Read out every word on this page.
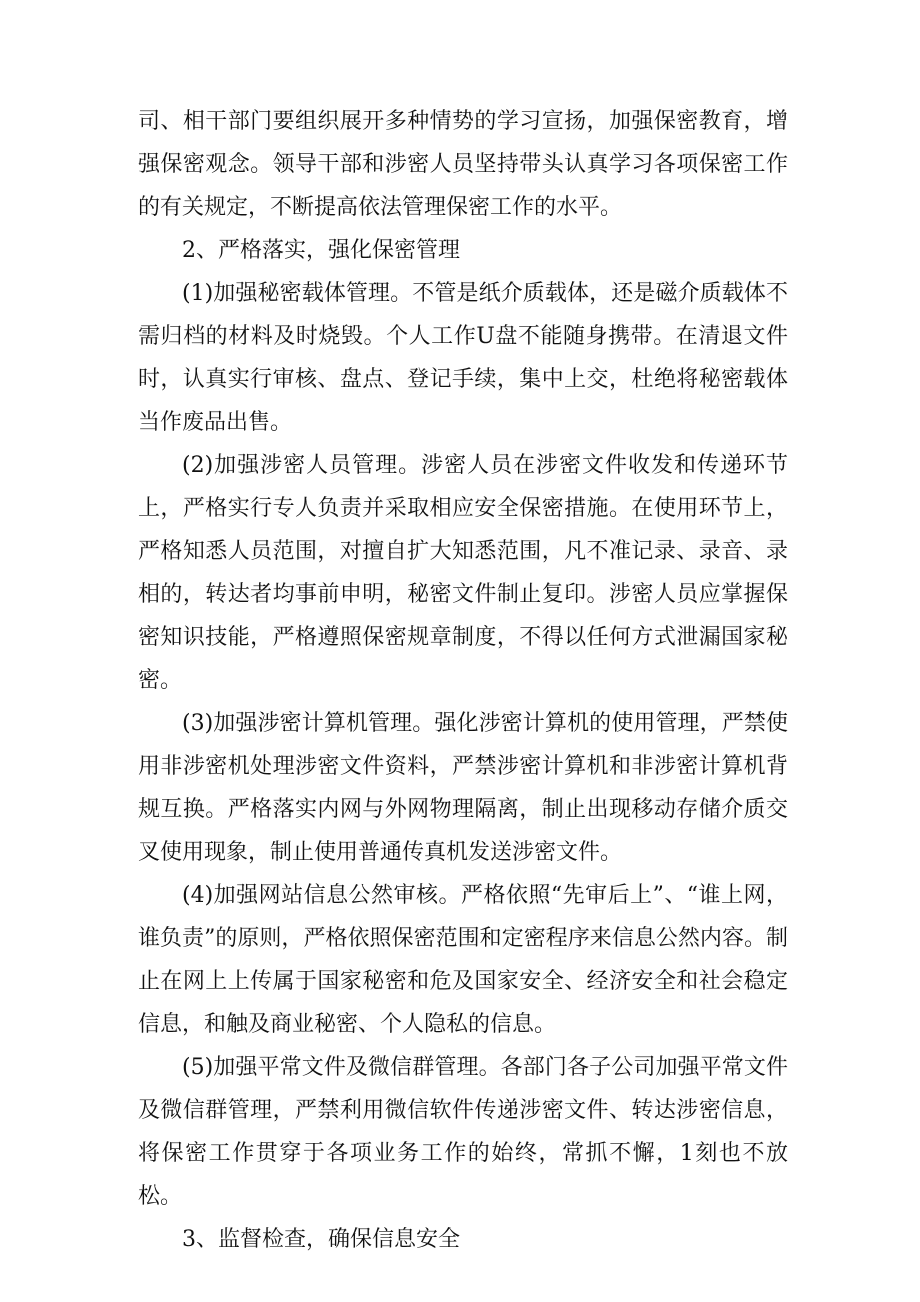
司、相干部门要组织展开多种情势的学习宣扬，加强保密教育，增强保密观念。领导干部和涉密人员坚持带头认真学习各项保密工作的有关规定，不断提高依法管理保密工作的水平。

2、严格落实，强化保密管理

(1)加强秘密载体管理。不管是纸介质载体，还是磁介质载体不需归档的材料及时烧毁。个人工作U盘不能随身携带。在清退文件时，认真实行审核、盘点、登记手续，集中上交，杜绝将秘密载体当作废品出售。

(2)加强涉密人员管理。涉密人员在涉密文件收发和传递环节上，严格实行专人负责并采取相应安全保密措施。在使用环节上，严格知悉人员范围，对擅自扩大知悉范围，凡不准记录、录音、录相的，转达者均事前申明，秘密文件制止复印。涉密人员应掌握保密知识技能，严格遵照保密规章制度，不得以任何方式泄漏国家秘密。

(3)加强涉密计算机管理。强化涉密计算机的使用管理，严禁使用非涉密机处理涉密文件资料，严禁涉密计算机和非涉密计算机背规互换。严格落实内网与外网物理隔离，制止出现移动存储介质交叉使用现象，制止使用普通传真机发送涉密文件。

(4)加强网站信息公然审核。严格依照“先审后上”、“谁上网，谁负责”的原则，严格依照保密范围和定密程序来信息公然内容。制止在网上上传属于国家秘密和危及国家安全、经济安全和社会稳定信息，和触及商业秘密、个人隐私的信息。

(5)加强平常文件及微信群管理。各部门各子公司加强平常文件及微信群管理，严禁利用微信软件传递涉密文件、转达涉密信息，将保密工作贯穿于各项业务工作的始终，常抓不懈，1刻也不放松。

3、监督检查，确保信息安全
